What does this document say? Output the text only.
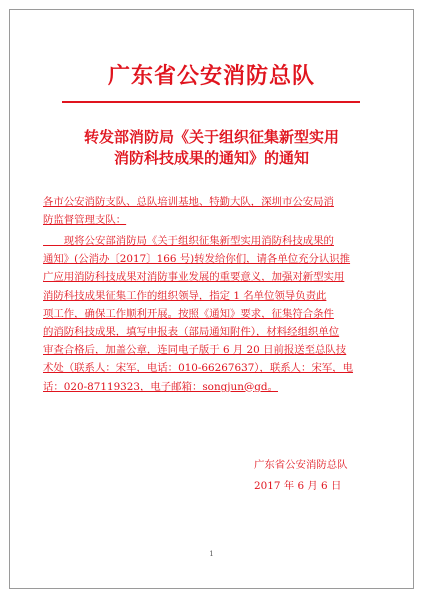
广东省公安消防总队
转发部消防局《关于组织征集新型实用
消防科技成果的通知》的通知
各市公安消防支队、总队培训基地、特勤大队，深圳市公安局消
防监督管理支队：
　　现将公安部消防局《关于组织征集新型实用消防科技成果的
通知》(公消办〔2017〕166 号)转发给你们，请各单位充分认识推
广应用消防科技成果对消防事业发展的重要意义，加强对新型实用
消防科技成果征集工作的组织领导，指定 1 名单位领导负责此
项工作，确保工作顺利开展。按照《通知》要求，征集符合条件
的消防科技成果，填写申报表（部局通知附件），材料经组织单位
审查合格后，加盖公章，连同电子版于 6 月 20 日前报送至总队技
术处（联系人：宋军，电话：010-66267637），联系人：宋军，电
话：020-87119323，电子邮箱：songjun@gd。
广东省公安消防总队
2017 年 6 月 6 日
1
